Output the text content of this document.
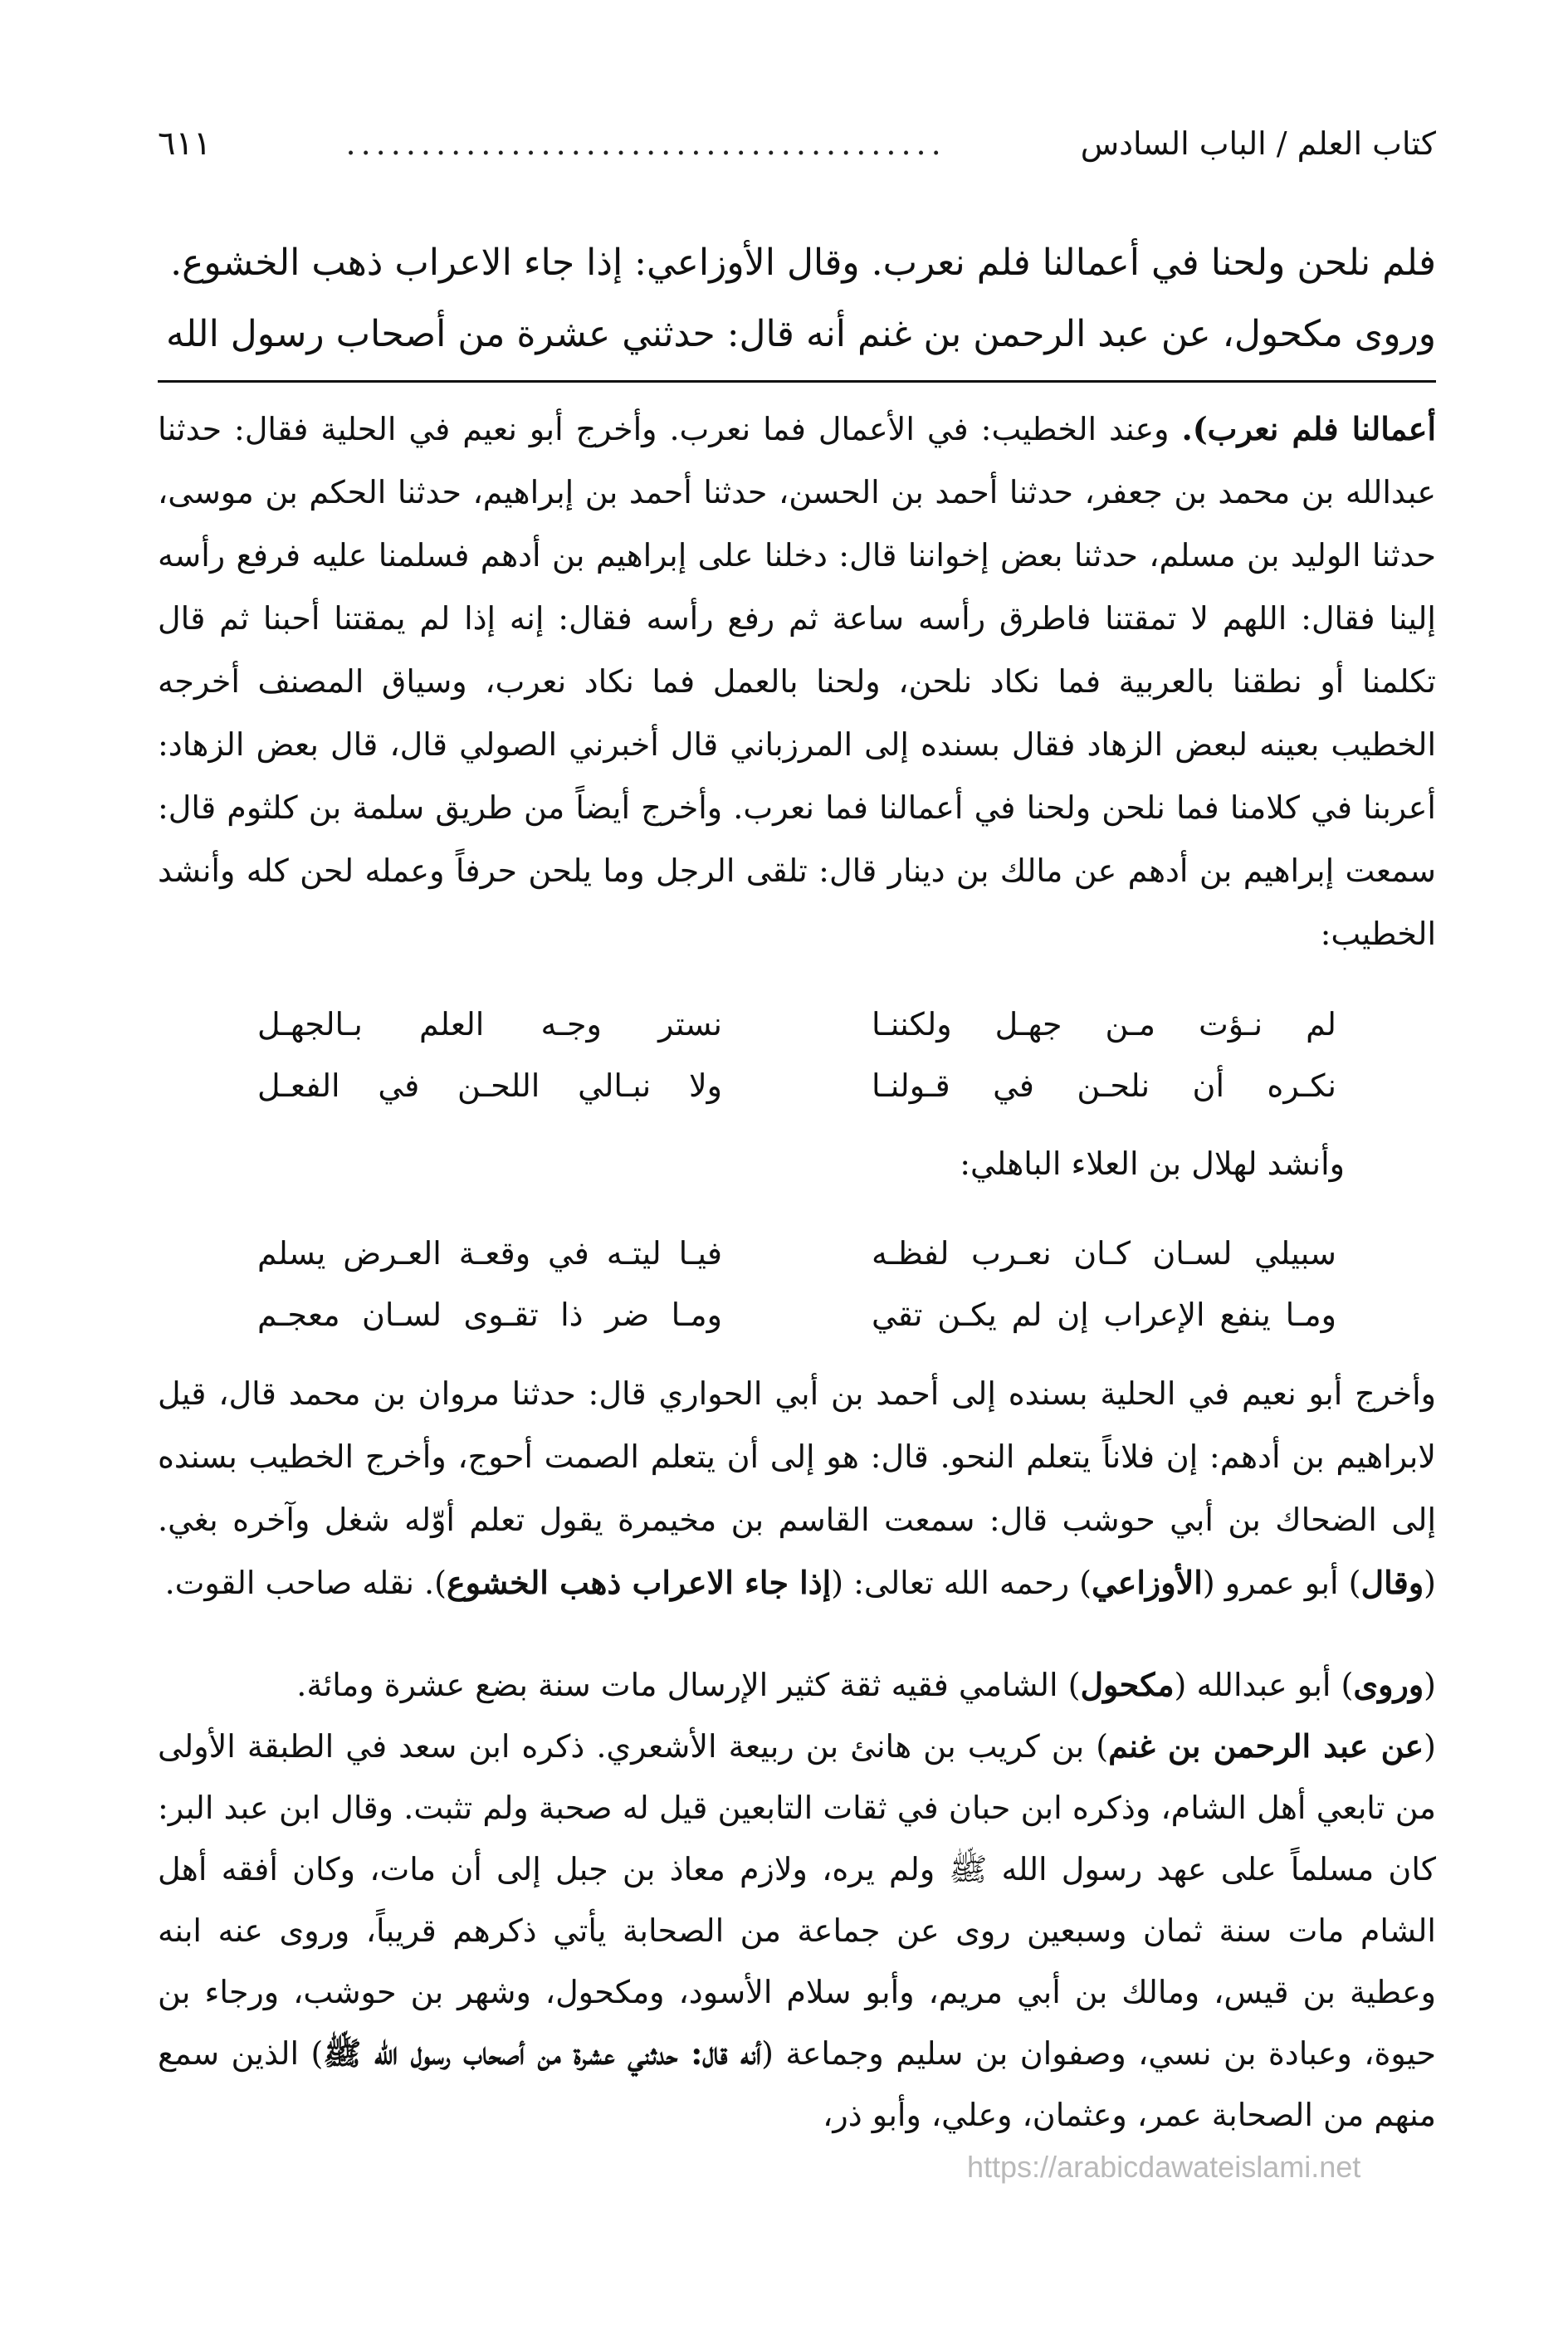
كتاب العلم / الباب السادس
........................................
٦١١

فلم نلحن ولحنا في أعمالنا فلم نعرب. وقال الأوزاعي: إذا جاء الاعراب ذهب الخشوع.

وروى مكحول، عن عبد الرحمن بن غنم أنه قال: حدثني عشرة من أصحاب رسول الله

أعمالنا فلم نعرب). وعند الخطيب: في الأعمال فما نعرب. وأخرج أبو نعيم في الحلية فقال: حدثنا عبدالله بن محمد بن جعفر، حدثنا أحمد بن الحسن، حدثنا أحمد بن إبراهيم، حدثنا الحكم بن موسى، حدثنا الوليد بن مسلم، حدثنا بعض إخواننا قال: دخلنا على إبراهيم بن أدهم فسلمنا عليه فرفع رأسه إلينا فقال: اللهم لا تمقتنا فاطرق رأسه ساعة ثم رفع رأسه فقال: إنه إذا لم يمقتنا أحبنا ثم قال تكلمنا أو نطقنا بالعربية فما نكاد نلحن، ولحنا بالعمل فما نكاد نعرب، وسياق المصنف أخرجه الخطيب بعينه لبعض الزهاد فقال بسنده إلى المرزباني قال أخبرني الصولي قال، قال بعض الزهاد: أعربنا في كلامنا فما نلحن ولحنا في أعمالنا فما نعرب. وأخرج أيضاً من طريق سلمة بن كلثوم قال: سمعت إبراهيم بن أدهم عن مالك بن دينار قال: تلقى الرجل وما يلحن حرفاً وعمله لحن كله وأنشد الخطيب:

لم نـؤت مـن جهـل ولكننـا
نستر وجـه العلم بـالجهـل
نكـره أن نلحـن في قـولنـا
ولا نبـالي اللحـن في الفعـل
وأنشد لهلال بن العلاء الباهلي:
سبيلي لسـان كـان نعـرب لفظـه
فيـا ليتـه في وقعـة العـرض يسلم
ومـا ينفع الإعراب إن لم يكـن تقي
ومـا ضر ذا تقـوى لسـان معجـم

وأخرج أبو نعيم في الحلية بسنده إلى أحمد بن أبي الحواري قال: حدثنا مروان بن محمد قال، قيل لابراهيم بن أدهم: إن فلاناً يتعلم النحو. قال: هو إلى أن يتعلم الصمت أحوج، وأخرج الخطيب بسنده إلى الضحاك بن أبي حوشب قال: سمعت القاسم بن مخيمرة يقول تعلم أوّله شغل وآخره بغي. (وقال) أبو عمرو (الأوزاعي) رحمه الله تعالى: (إذا جاء الاعراب ذهب الخشوع). نقله صاحب القوت.

(وروى) أبو عبدالله (مكحول) الشامي فقيه ثقة كثير الإرسال مات سنة بضع عشرة ومائة.

(عن عبد الرحمن بن غنم) بن كريب بن هانئ بن ربيعة الأشعري. ذكره ابن سعد في الطبقة الأولى من تابعي أهل الشام، وذكره ابن حبان في ثقات التابعين قيل له صحبة ولم تثبت. وقال ابن عبد البر: كان مسلماً على عهد رسول الله ﷺ ولم يره، ولازم معاذ بن جبل إلى أن مات، وكان أفقه أهل الشام مات سنة ثمان وسبعين روى عن جماعة من الصحابة يأتي ذكرهم قريباً، وروى عنه ابنه وعطية بن قيس، ومالك بن أبي مريم، وأبو سلام الأسود، ومكحول، وشهر بن حوشب، ورجاء بن حيوة، وعبادة بن نسي، وصفوان بن سليم وجماعة (أنه قال: حدثني عشرة من أصحاب رسول الله ﷺ) الذين سمع منهم من الصحابة عمر، وعثمان، وعلي، وأبو ذر،

https://arabicdawateislami.net
